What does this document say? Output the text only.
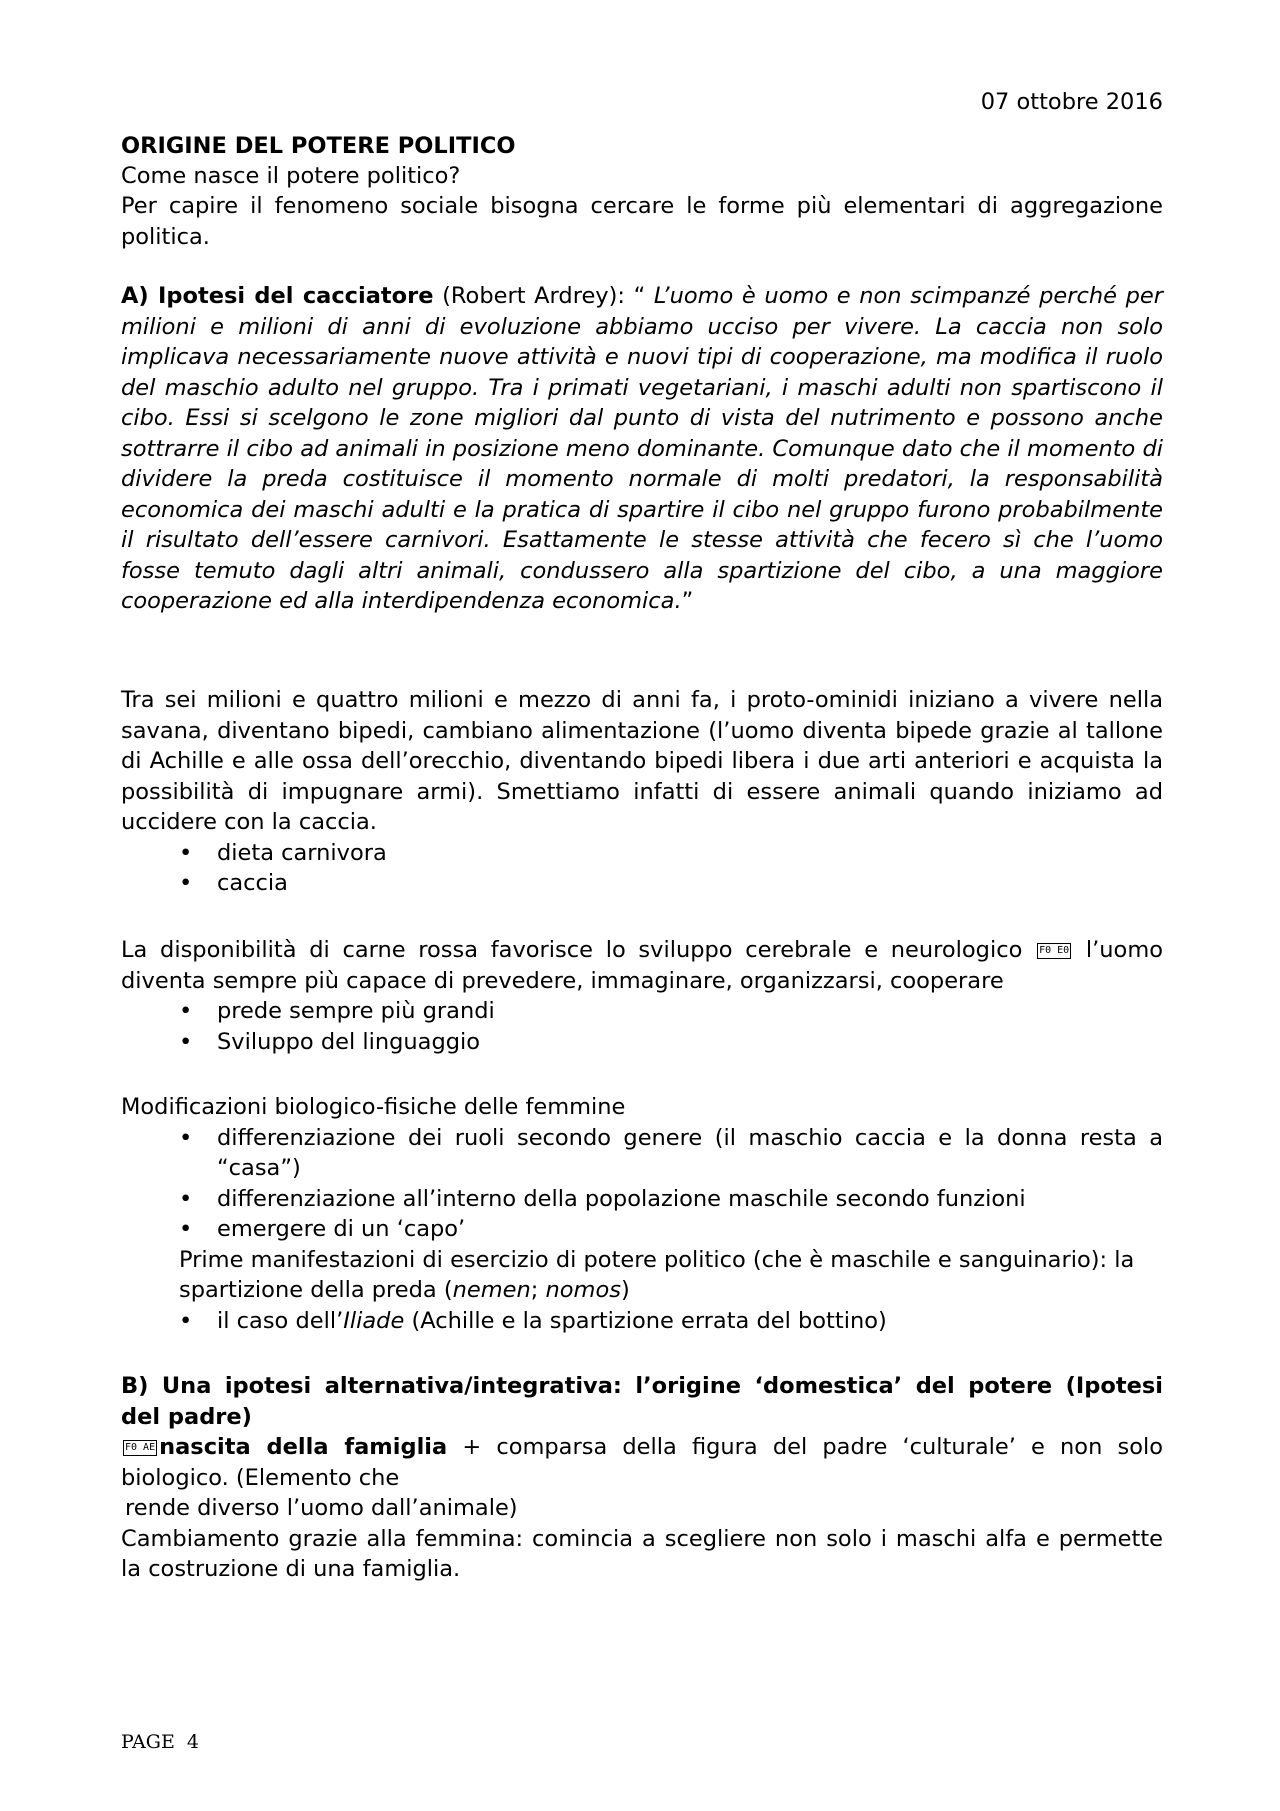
07 ottobre 2016
ORIGINE DEL POTERE POLITICO
Come nasce il potere politico?
Per capire il fenomeno sociale bisogna cercare le forme più elementari di aggregazione politica.
A) Ipotesi del cacciatore (Robert Ardrey): “ L’uomo è uomo e non scimpanzé perché per milioni e milioni di anni di evoluzione abbiamo ucciso per vivere. La caccia non solo implicava necessariamente nuove attività e nuovi tipi di cooperazione, ma modifica il ruolo del maschio adulto nel gruppo. Tra i primati vegetariani, i maschi adulti non spartiscono il cibo. Essi si scelgono le zone migliori dal punto di vista del nutrimento e possono anche sottrarre il cibo ad animali in posizione meno dominante. Comunque dato che il momento di dividere la preda costituisce il momento normale di molti predatori, la responsabilità economica dei maschi adulti e la pratica di spartire il cibo nel gruppo furono probabilmente il risultato dell’essere carnivori. Esattamente le stesse attività che fecero sì che l’uomo fosse temuto dagli altri animali, condussero alla spartizione del cibo, a una maggiore cooperazione ed alla interdipendenza economica.”
Tra sei milioni e quattro milioni e mezzo di anni fa, i proto-ominidi iniziano a vivere nella savana, diventano bipedi, cambiano alimentazione (l’uomo diventa bipede grazie al tallone di Achille e alle ossa dell’orecchio, diventando bipedi libera i due arti anteriori e acquista la possibilità di impugnare armi). Smettiamo infatti di essere animali quando iniziamo ad uccidere con la caccia.
• dieta carnivora
• caccia
La disponibilità di carne rossa favorisce lo sviluppo cerebrale e neurologico F0 E0 l’uomo diventa sempre più capace di prevedere, immaginare, organizzarsi, cooperare
• prede sempre più grandi
• Sviluppo del linguaggio
Modificazioni biologico-fisiche delle femmine
• differenziazione dei ruoli secondo genere (il maschio caccia e la donna resta a “casa”)
• differenziazione all’interno della popolazione maschile secondo funzioni
• emergere di un ‘capo’
Prime manifestazioni di esercizio di potere politico (che è maschile e sanguinario): la spartizione della preda (nemen; nomos)
• il caso dell’Iliade (Achille e la spartizione errata del bottino)
B) Una ipotesi alternativa/integrativa: l’origine ‘domestica’ del potere (Ipotesi del padre)
F0 AE nascita della famiglia + comparsa della figura del padre ‘culturale’ e non solo biologico. (Elemento che
rende diverso l’uomo dall’animale)
Cambiamento grazie alla femmina: comincia a scegliere non solo i maschi alfa e permette la costruzione di una famiglia.
PAGE 4
